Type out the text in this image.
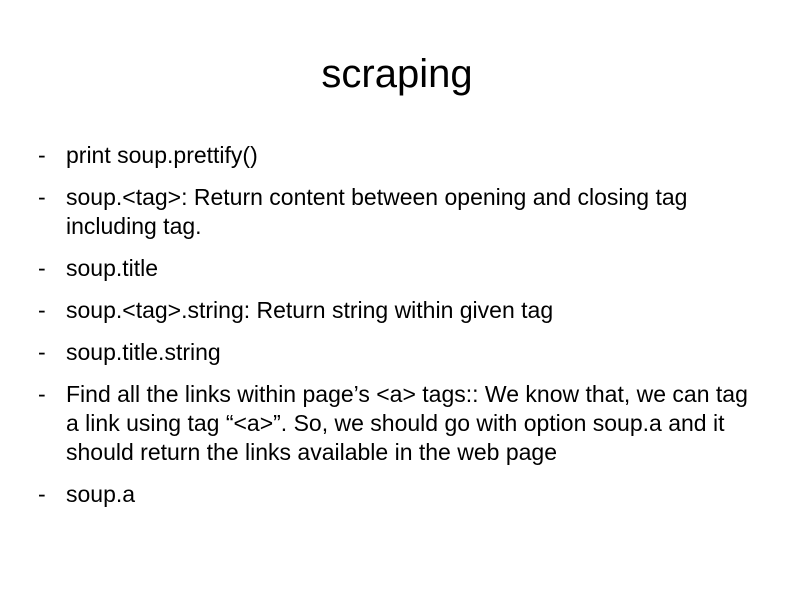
scraping
- print soup.prettify()
- soup.<tag>: Return content between opening and closing tag including tag.
- soup.title
- soup.<tag>.string: Return string within given tag
- soup.title.string
- Find all the links within page’s <a> tags:: We know that, we can tag a link using tag “<a>”. So, we should go with option soup.a and it should return the links available in the web page
- soup.a
